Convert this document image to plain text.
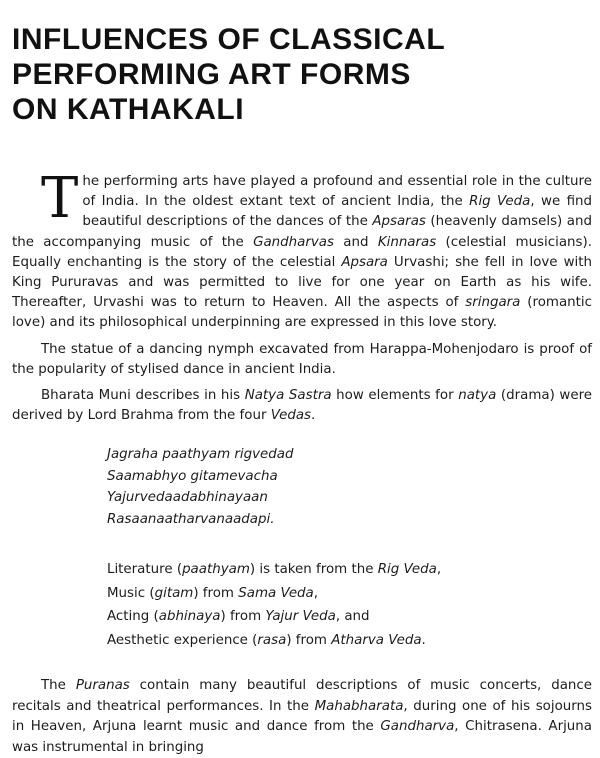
INFLUENCES OF CLASSICAL
PERFORMING ART FORMS
ON KATHAKALI

The performing arts have played a profound and essential role in the culture of India. In the oldest extant text of ancient India, the Rig Veda, we find beautiful descriptions of the dances of the Apsaras (heavenly damsels) and the accompanying music of the Gandharvas and Kinnaras (celestial musicians). Equally enchanting is the story of the celestial Apsara Urvashi; she fell in love with King Pururavas and was permitted to live for one year on Earth as his wife. Thereafter, Urvashi was to return to Heaven. All the aspects of sringara (romantic love) and its philosophical underpinning are expressed in this love story.

The statue of a dancing nymph excavated from Harappa-Mohenjodaro is proof of the popularity of stylised dance in ancient India.

Bharata Muni describes in his Natya Sastra how elements for natya (drama) were derived by Lord Brahma from the four Vedas.

Jagraha paathyam rigvedad
Saamabhyo gitamevacha
Yajurvedaadabhinayaan
Rasaanaatharvanaadapi.
Literature (paathyam) is taken from the Rig Veda,
Music (gitam) from Sama Veda,
Acting (abhinaya) from Yajur Veda, and
Aesthetic experience (rasa) from Atharva Veda.
The Puranas contain many beautiful descriptions of music concerts, dance recitals and theatrical performances. In the Mahabharata, during one of his sojourns in Heaven, Arjuna learnt music and dance from the Gandharva, Chitrasena. Arjuna was instrumental in bringing
